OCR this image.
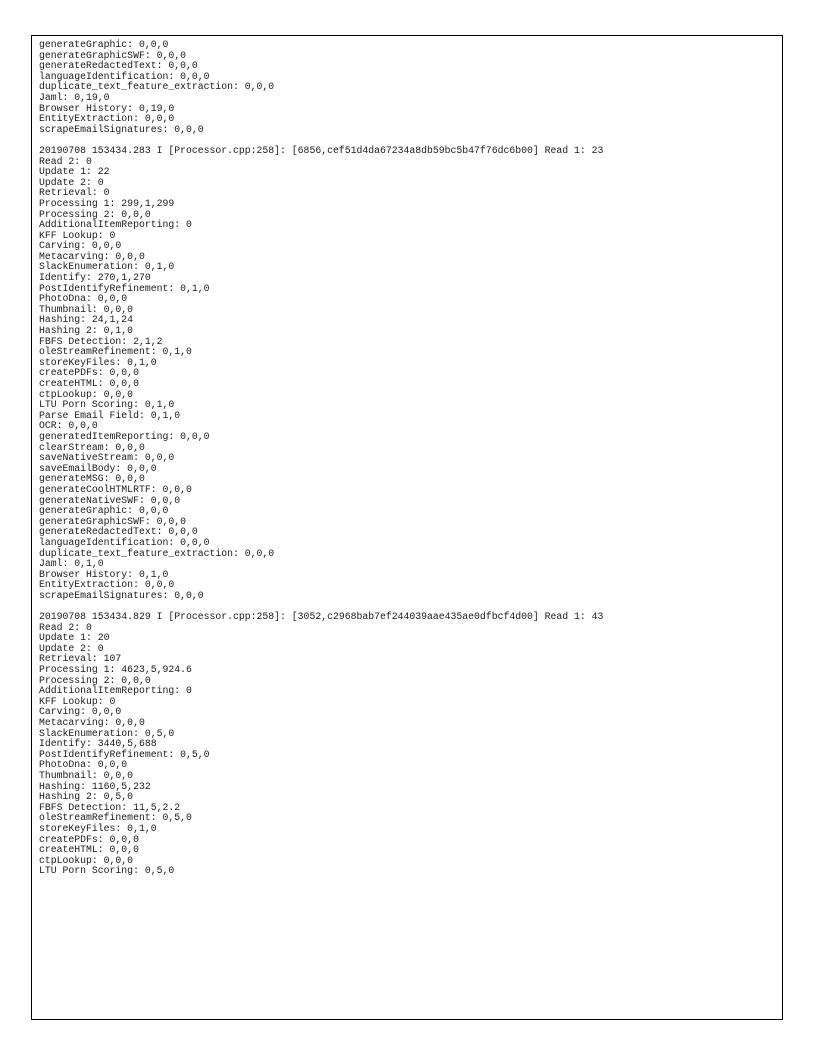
generateGraphic: 0,0,0
generateGraphicSWF: 0,0,0
generateRedactedText: 0,0,0
languageIdentification: 0,0,0
duplicate_text_feature_extraction: 0,0,0
Jaml: 0,19,0
Browser History: 0,19,0
EntityExtraction: 0,0,0
scrapeEmailSignatures: 0,0,0
20190708 153434.283 I [Processor.cpp:258]: [6856,cef51d4da67234a8db59bc5b47f76dc6b00] Read 1: 23
Read 2: 0
Update 1: 22
Update 2: 0
Retrieval: 0
Processing 1: 299,1,299
Processing 2: 0,0,0
AdditionalItemReporting: 0
KFF Lookup: 0
Carving: 0,0,0
Metacarving: 0,0,0
SlackEnumeration: 0,1,0
Identify: 270,1,270
PostIdentifyRefinement: 0,1,0
PhotoDna: 0,0,0
Thumbnail: 0,0,0
Hashing: 24,1,24
Hashing 2: 0,1,0
FBFS Detection: 2,1,2
oleStreamRefinement: 0,1,0
storeKeyFiles: 0,1,0
createPDFs: 0,0,0
createHTML: 0,0,0
ctpLookup: 0,0,0
LTU Porn Scoring: 0,1,0
Parse Email Field: 0,1,0
OCR: 0,0,0
generatedItemReporting: 0,0,0
clearStream: 0,0,0
saveNativeStream: 0,0,0
saveEmailBody: 0,0,0
generateMSG: 0,0,0
generateCoolHTMLRTF: 0,0,0
generateNativeSWF: 0,0,0
generateGraphic: 0,0,0
generateGraphicSWF: 0,0,0
generateRedactedText: 0,0,0
languageIdentification: 0,0,0
duplicate_text_feature_extraction: 0,0,0
Jaml: 0,1,0
Browser History: 0,1,0
EntityExtraction: 0,0,0
scrapeEmailSignatures: 0,0,0
20190708 153434.829 I [Processor.cpp:258]: [3052,c2968bab7ef244039aae435ae0dfbcf4d00] Read 1: 43
Read 2: 0
Update 1: 20
Update 2: 0
Retrieval: 107
Processing 1: 4623,5,924.6
Processing 2: 0,0,0
AdditionalItemReporting: 0
KFF Lookup: 0
Carving: 0,0,0
Metacarving: 0,0,0
SlackEnumeration: 0,5,0
Identify: 3440,5,688
PostIdentifyRefinement: 0,5,0
PhotoDna: 0,0,0
Thumbnail: 0,0,0
Hashing: 1160,5,232
Hashing 2: 0,5,0
FBFS Detection: 11,5,2.2
oleStreamRefinement: 0,5,0
storeKeyFiles: 0,1,0
createPDFs: 0,0,0
createHTML: 0,0,0
ctpLookup: 0,0,0
LTU Porn Scoring: 0,5,0
